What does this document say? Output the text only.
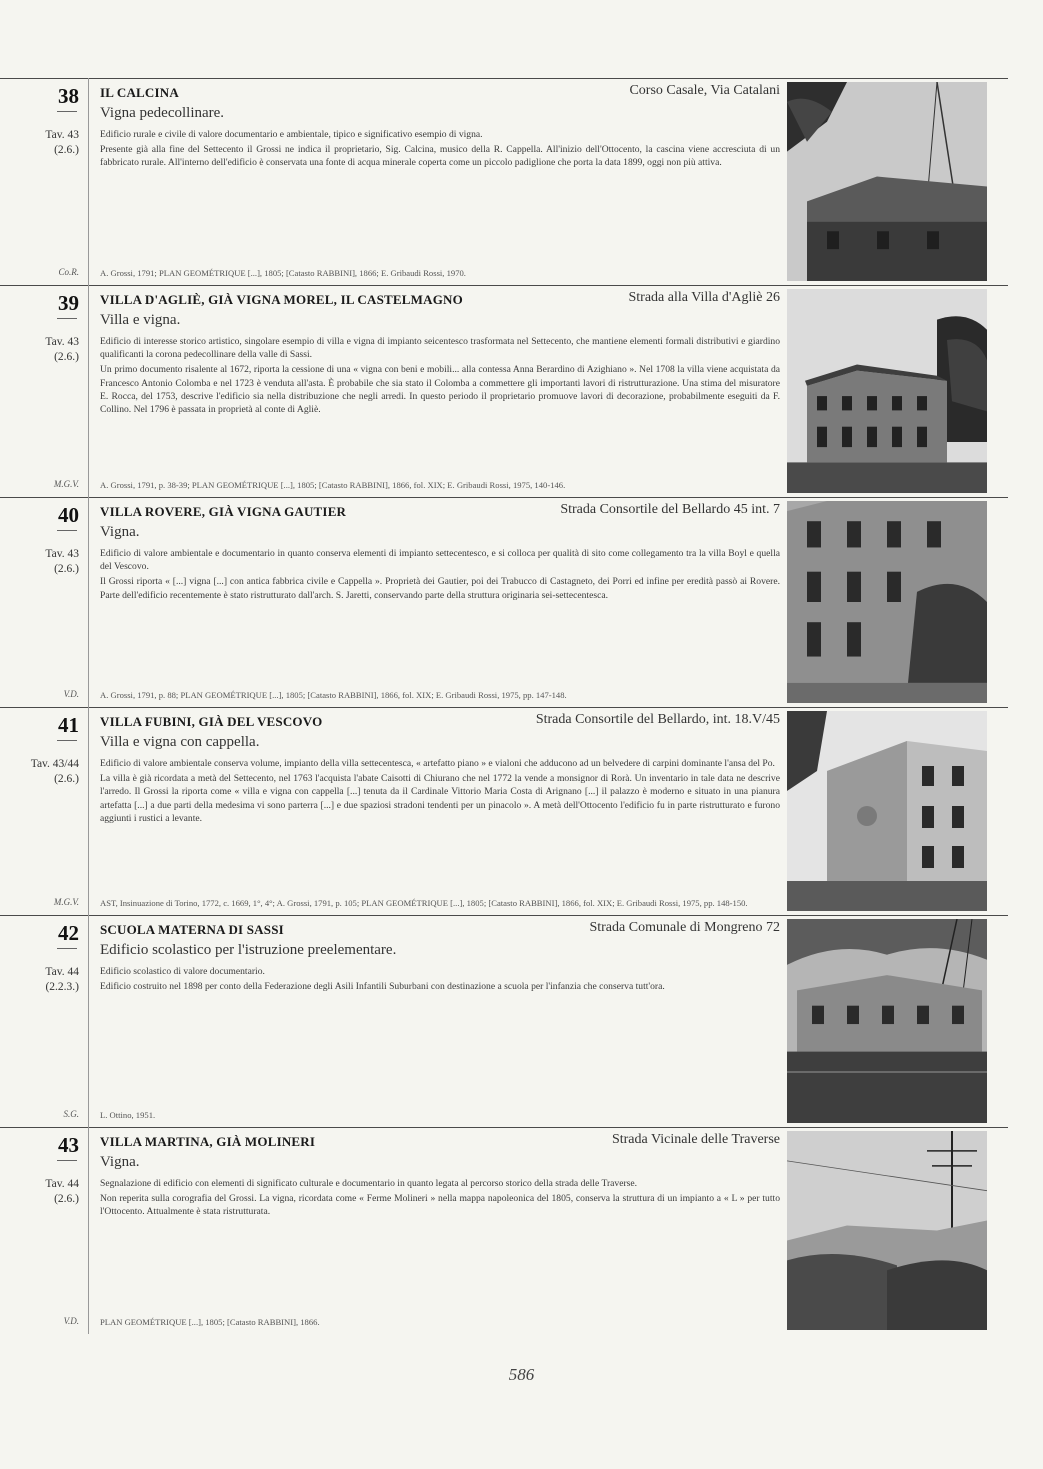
38
Tav. 43
(2.6.)
Co.R.
IL CALCINA	Corso Casale, Via Catalani
Vigna pedecollinare.

Edificio rurale e civile di valore documentario e ambientale, tipico e significativo esempio di vigna.

Presente già alla fine del Settecento il Grossi ne indica il proprietario, Sig. Calcina, musico della R. Cappella. All'inizio dell'Ottocento, la cascina viene accresciuta di un fabbricato rurale. All'interno dell'edificio è conservata una fonte di acqua minerale coperta come un piccolo padiglione che porta la data 1899, oggi non più attiva.

A. Grossi, 1791; PLAN GEOMÉTRIQUE [...], 1805; [Catasto RABBINI], 1866; E. Gribaudi Rossi, 1970.
39
Tav. 43
(2.6.)
M.G.V.
VILLA D'AGLIÈ, GIÀ VIGNA MOREL, IL CASTELMAGNO	Strada alla Villa d'Agliè 26
Villa e vigna.

Edificio di interesse storico artistico, singolare esempio di villa e vigna di impianto seicentesco trasformata nel Settecento, che mantiene elementi formali distributivi e giardino qualificanti la corona pedecollinare della valle di Sassi.

Un primo documento risalente al 1672, riporta la cessione di una « vigna con beni e mobili... alla contessa Anna Berardino di Azighiano ». Nel 1708 la villa viene acquistata da Francesco Antonio Colomba e nel 1723 è venduta all'asta. È probabile che sia stato il Colomba a commettere gli importanti lavori di ristrutturazione. Una stima del misuratore E. Rocca, del 1753, descrive l'edificio sia nella distribuzione che negli arredi. In questo periodo il proprietario promuove lavori di decorazione, probabilmente eseguiti da F. Collino. Nel 1796 è passata in proprietà al conte di Agliè.

A. Grossi, 1791, p. 38-39; PLAN GEOMÉTRIQUE [...], 1805; [Catasto RABBINI], 1866, fol. XIX; E. Gribaudi Rossi, 1975, 140-146.
40
Tav. 43
(2.6.)
V.D.
VILLA ROVERE, GIÀ VIGNA GAUTIER	Strada Consortile del Bellardo 45 int. 7
Vigna.

Edificio di valore ambientale e documentario in quanto conserva elementi di impianto settecentesco, e si colloca per qualità di sito come collegamento tra la villa Boyl e quella del Vescovo.

Il Grossi riporta « [...] vigna [...] con antica fabbrica civile e Cappella ». Proprietà dei Gautier, poi dei Trabucco di Castagneto, dei Porri ed infine per eredità passò ai Rovere. Parte dell'edificio recentemente è stato ristrutturato dall'arch. S. Jaretti, conservando parte della struttura originaria sei-settecentesca.

A. Grossi, 1791, p. 88; PLAN GEOMÉTRIQUE [...], 1805; [Catasto RABBINI], 1866, fol. XIX; E. Gribaudi Rossi, 1975, pp. 147-148.
41
Tav. 43/44
(2.6.)
M.G.V.
VILLA FUBINI, GIÀ DEL VESCOVO	Strada Consortile del Bellardo, int. 18.V/45
Villa e vigna con cappella.

Edificio di valore ambientale conserva volume, impianto della villa settecentesca, « artefatto piano » e vialoni che adducono ad un belvedere di carpini dominante l'ansa del Po.

La villa è già ricordata a metà del Settecento, nel 1763 l'acquista l'abate Caisotti di Chiurano che nel 1772 la vende a monsignor di Rorà. Un inventario in tale data ne descrive l'arredo. Il Grossi la riporta come « villa e vigna con cappella [...] tenuta da il Cardinale Vittorio Maria Costa di Arignano [...] il palazzo è moderno e situato in una pianura artefatta [...] a due parti della medesima vi sono parterra [...] e due spaziosi stradoni tendenti per un pinacolo ». A metà dell'Ottocento l'edificio fu in parte ristrutturato e furono aggiunti i rustici a levante.

AST, Insinuazione di Torino, 1772, c. 1669, 1°, 4°; A. Grossi, 1791, p. 105; PLAN GEOMÉTRIQUE [...], 1805; [Catasto RABBINI], 1866, fol. XIX; E. Gribaudi Rossi, 1975, pp. 148-150.
42
Tav. 44
(2.2.3.)
S.G.
SCUOLA MATERNA DI SASSI	Strada Comunale di Mongreno 72
Edificio scolastico per l'istruzione preelementare.

Edificio scolastico di valore documentario.

Edificio costruito nel 1898 per conto della Federazione degli Asili Infantili Suburbani con destinazione a scuola per l'infanzia che conserva tutt'ora.

L. Ottino, 1951.
43
Tav. 44
(2.6.)
V.D.
VILLA MARTINA, GIÀ MOLINERI	Strada Vicinale delle Traverse
Vigna.

Segnalazione di edificio con elementi di significato culturale e documentario in quanto legata al percorso storico della strada delle Traverse.

Non reperita sulla corografia del Grossi. La vigna, ricordata come « Ferme Molineri » nella mappa napoleonica del 1805, conserva la struttura di un impianto a « L » per tutto l'Ottocento. Attualmente è stata ristrutturata.

PLAN GEOMÉTRIQUE [...], 1805; [Catasto RABBINI], 1866.
586
